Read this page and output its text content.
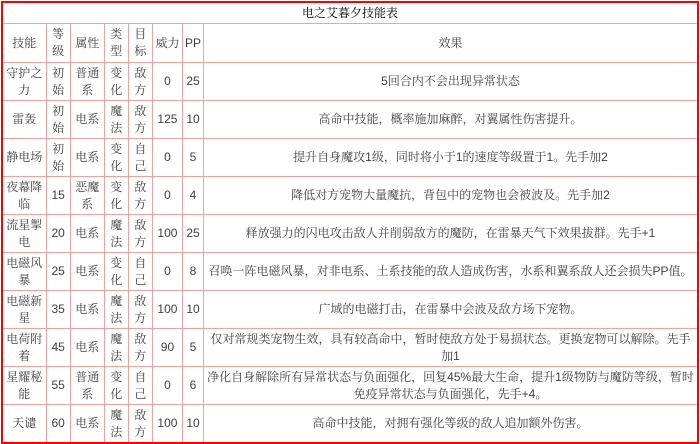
电之艾暮夕技能表							
技能	等级	属性	类型	目标	威力	PP	效果
守护之力	初始	普通系	变化	敌方	0	25	5回合内不会出现异常状态
雷轰	初始	电系	魔法	敌方	125	10	高命中技能，概率施加麻醉，对翼属性伤害提升。
静电场	初始	电系	变化	自己	0	5	提升自身魔攻1级，同时将小于1的速度等级置于1。先手加2
夜幕降临	15	恶魔系	变化	敌方	0	4	降低对方宠物大量魔抗，背包中的宠物也会被波及。先手加2
流星掣电	20	电系	魔法	敌方	100	25	释放强力的闪电攻击敌人并削弱敌方的魔防，在雷暴天气下效果拔群。先手+1
电磁风暴	25	电系	变化	自己	0	8	召唤一阵电磁风暴，对非电系、土系技能的敌人造成伤害，水系和翼系敌人还会损失PP值。
电磁新星	35	电系	魔法	敌方	100	10	广域的电磁打击，在雷暴中会波及敌方场下宠物。
电荷附着	45	电系	魔法	敌方	90	5	仅对常规类宠物生效，具有较高命中，暂时使敌方处于易损状态。更换宠物可以解除。先手加1
星耀秘能	55	普通系	变化	自己	0	6	净化自身解除所有异常状态与负面强化，回复45%最大生命，提升1级物防与魔防等级，暂时免疫异常状态与负面强化，先手+4。
天谴	60	电系	魔法	敌方	100	10	高命中技能，对拥有强化等级的敌人追加额外伤害。
